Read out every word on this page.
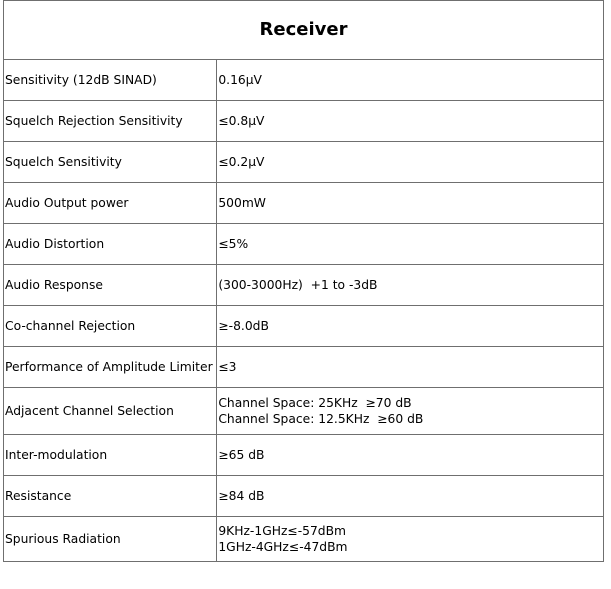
Receiver	
Sensitivity (12dB SINAD)	0.16μV

Squelch Rejection Sensitivity	≤0.8μV

Squelch Sensitivity	≤0.2μV

Audio Output power	500mW

Audio Distortion	≤5%

Audio Response	(300-3000Hz)  +1 to -3dB

Co-channel Rejection	≥-8.0dB

Performance of Amplitude Limiter	≤3

Adjacent Channel Selection	Channel Space: 25KHz  ≥70 dB
Channel Space: 12.5KHz  ≥60 dB

Inter-modulation	≥65 dB

Resistance	≥84 dB

Spurious Radiation	9KHz-1GHz≤-57dBm
1GHz-4GHz≤-47dBm
